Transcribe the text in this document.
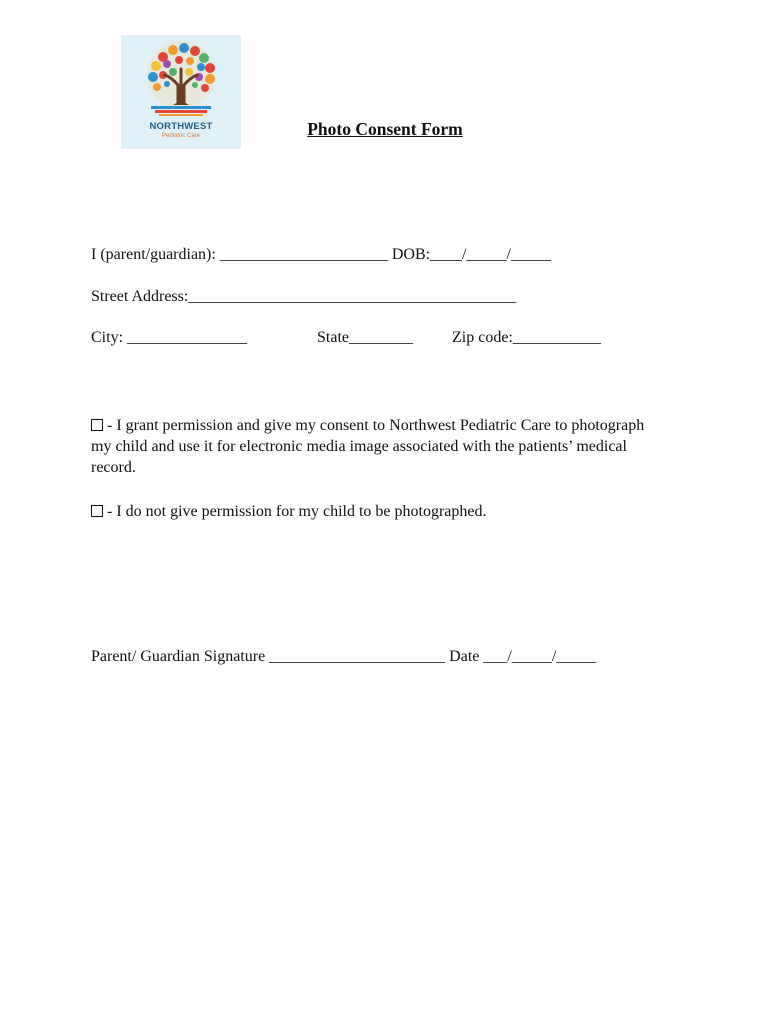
NORTHWEST
Pediatric Care	Photo Consent Form
I (parent/guardian): _____________________ DOB:____/_____/_____
Street Address:_________________________________________
City: _______________	State________ Zip code:___________
- I grant permission and give my consent to Northwest Pediatric Care to photograph my child and use it for electronic media image associated with the patients’ medical record.
- I do not give permission for my child to be photographed.
Parent/ Guardian Signature ______________________ Date ___/_____/_____
